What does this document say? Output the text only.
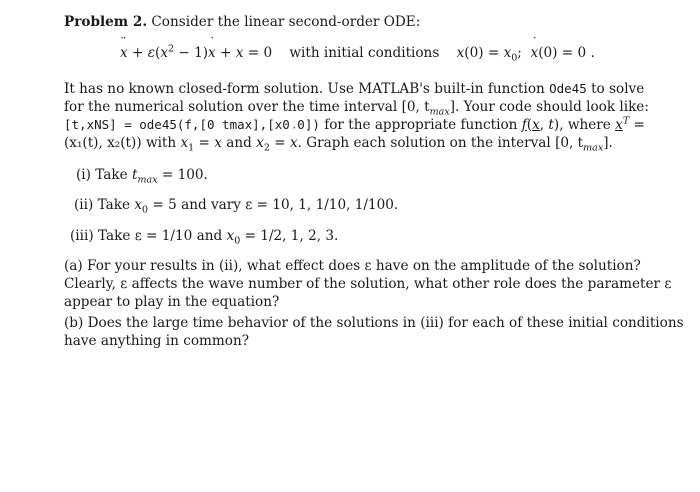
Problem 2. Consider the linear second-order ODE:
x ¨ + $\varepsilon(x^2 - 1)x$ ˙ + x = 0    with initial conditions $x(0) = x_0$;  x ˙(0) = 0 .
It has no known closed-form solution. Use MATLAB's built-in function Ode45 to solve
for the numerical solution over the time interval [0, $t_{max}$]. Your code should look like:
[t,xNS] = ode45(f,[0 tmax],[x0 0]) for the appropriate function f(x, t), where $x^T$ =
(x₁(t), x₂(t)) with $x_1 = x$ and $x_2 = x$ ˙. Graph each solution on the interval [0, $t_{max}$].
(i) Take $t_{max} = 100$.
(ii) Take $x_0 = 5$ and vary ε = 10, 1, 1/10, 1/100.
(iii) Take ε = 1/10 and $x_0 = 1/2$, 1, 2, 3.
(a) For your results in (ii), what effect does ε have on the amplitude of the solution?
Clearly, ε affects the wave number of the solution, what other role does the parameter ε
appear to play in the equation?
(b) Does the large time behavior of the solutions in (iii) for each of these initial conditions
have anything in common?
